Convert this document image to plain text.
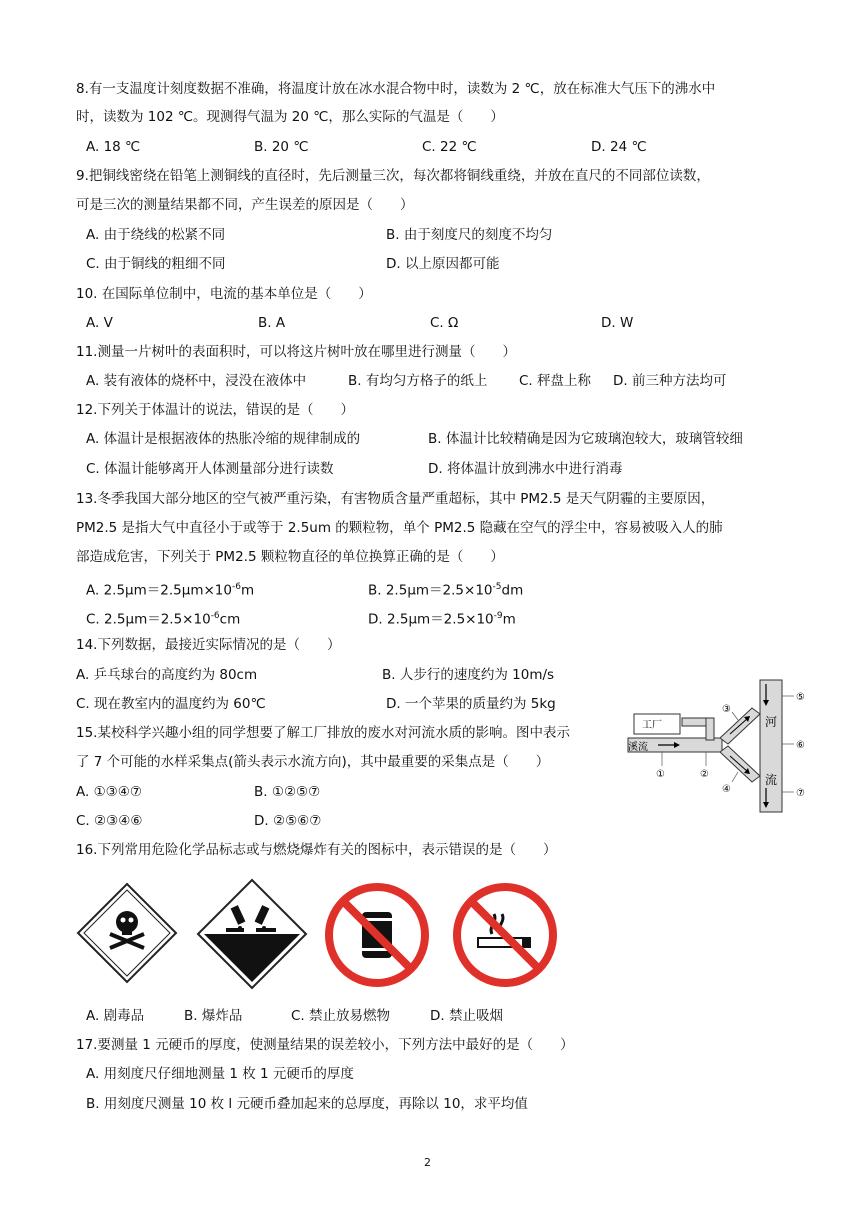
8.有一支温度计刻度数据不准确，将温度计放在冰水混合物中时，读数为 2 ℃，放在标准大气压下的沸水中
时，读数为 102 ℃。现测得气温为 20 ℃，那么实际的气温是（　　）
A. 18 ℃	B. 20 ℃	C. 22 ℃	D. 24 ℃
9.把铜线密绕在铅笔上测铜线的直径时，先后测量三次，每次都将铜线重绕，并放在直尺的不同部位读数，
可是三次的测量结果都不同，产生误差的原因是（　　）
A. 由于绕线的松紧不同	B. 由于刻度尺的刻度不均匀
C. 由于铜线的粗细不同	D. 以上原因都可能
10. 在国际单位制中，电流的基本单位是（　　）
A. V	B. A	C. Ω	D. W
11.测量一片树叶的表面积时，可以将这片树叶放在哪里进行测量（　　）
A. 装有液体的烧杯中，浸没在液体中	B. 有均匀方格子的纸上 C. 秤盘上称 D. 前三种方法均可
12.下列关于体温计的说法，错误的是（　　）
A. 体温计是根据液体的热胀冷缩的规律制成的	B. 体温计比较精确是因为它玻璃泡较大，玻璃管较细
C. 体温计能够离开人体测量部分进行读数	D. 将体温计放到沸水中进行消毒
13.冬季我国大部分地区的空气被严重污染，有害物质含量严重超标，其中 PM2.5 是天气阴霾的主要原因，
PM2.5 是指大气中直径小于或等于 2.5um 的颗粒物，单个 PM2.5 隐藏在空气的浮尘中，容易被吸入人的肺
部造成危害，下列关于 PM2.5 颗粒物直径的单位换算正确的是（　　）
A. $2.5\mu m=2.5\mu m\times 10^{-6}m$	B. $2.5\mu m=2.5\times 10^{-5}dm$
C. $2.5\mu m=2.5\times 10^{-6}cm$	D. $2.5\mu m=2.5\times 10^{-9}m$
14.下列数据，最接近实际情况的是（　　）
A. 乒乓球台的高度约为 80cm	B. 人步行的速度约为 10m/s
C. 现在教室内的温度约为 60℃	D. 一个苹果的质量约为 5kg
15.某校科学兴趣小组的同学想要了解工厂排放的废水对河流水质的影响。图中表示
了 7 个可能的水样采集点(箭头表示水流方向)，其中最重要的采集点是（　　）
A. ①③④⑦	B. ①②⑤⑦
C. ②③④⑥	D. ②⑤⑥⑦
河
流
溪流
工厂
①	②
③
④
⑤
⑥
⑦
16.下列常用危险化学品标志或与燃烧爆炸有关的图标中，表示错误的是（　　）
A. 剧毒品	B. 爆炸品	C. 禁止放易燃物	D. 禁止吸烟
17.要测量 1 元硬币的厚度，使测量结果的误差较小，下列方法中最好的是（　　）
A. 用刻度尺仔细地测量 1 枚 1 元硬币的厚度
B. 用刻度尺测量 10 枚 l 元硬币叠加起来的总厚度，再除以 10，求平均值
2
